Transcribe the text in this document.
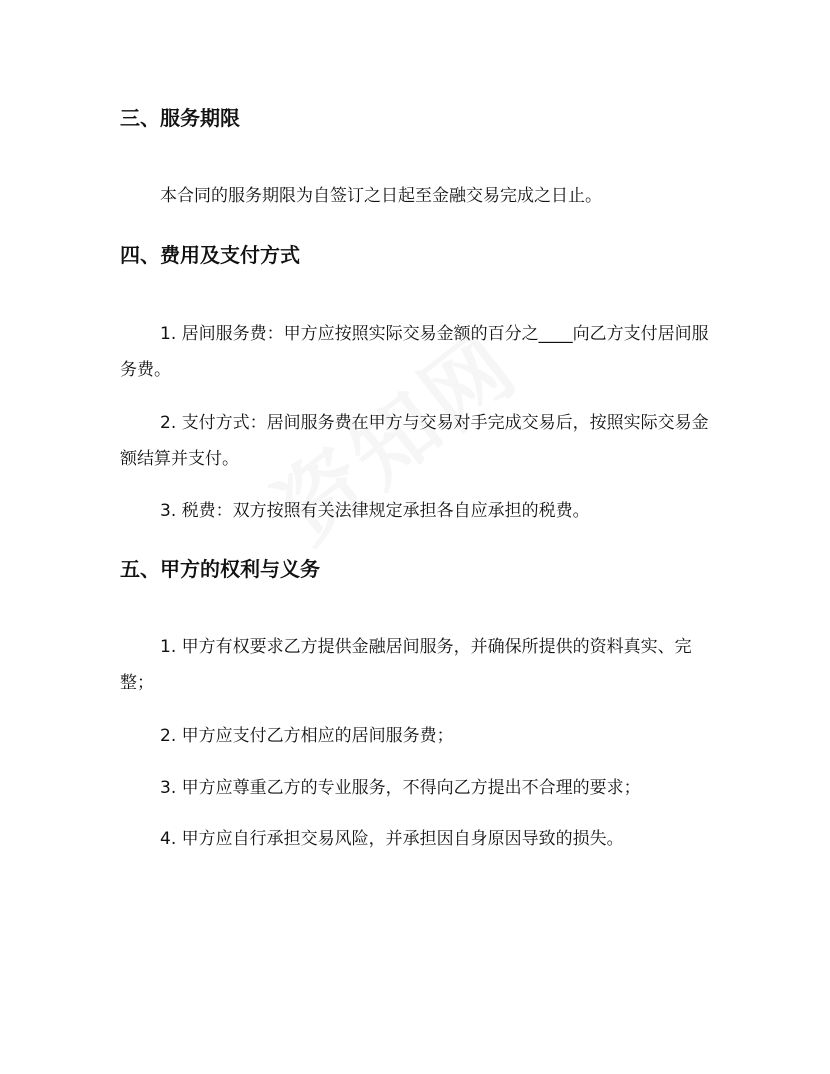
三、服务期限

本合同的服务期限为自签订之日起至金融交易完成之日止。

四、费用及支付方式

1. 居间服务费：甲方应按照实际交易金额的百分之____向乙方支付居间服务费。

2. 支付方式：居间服务费在甲方与交易对手完成交易后，按照实际交易金额结算并支付。

3. 税费：双方按照有关法律规定承担各自应承担的税费。

五、甲方的权利与义务

1. 甲方有权要求乙方提供金融居间服务，并确保所提供的资料真实、完整；

2. 甲方应支付乙方相应的居间服务费；

3. 甲方应尊重乙方的专业服务，不得向乙方提出不合理的要求；

4. 甲方应自行承担交易风险，并承担因自身原因导致的损失。
